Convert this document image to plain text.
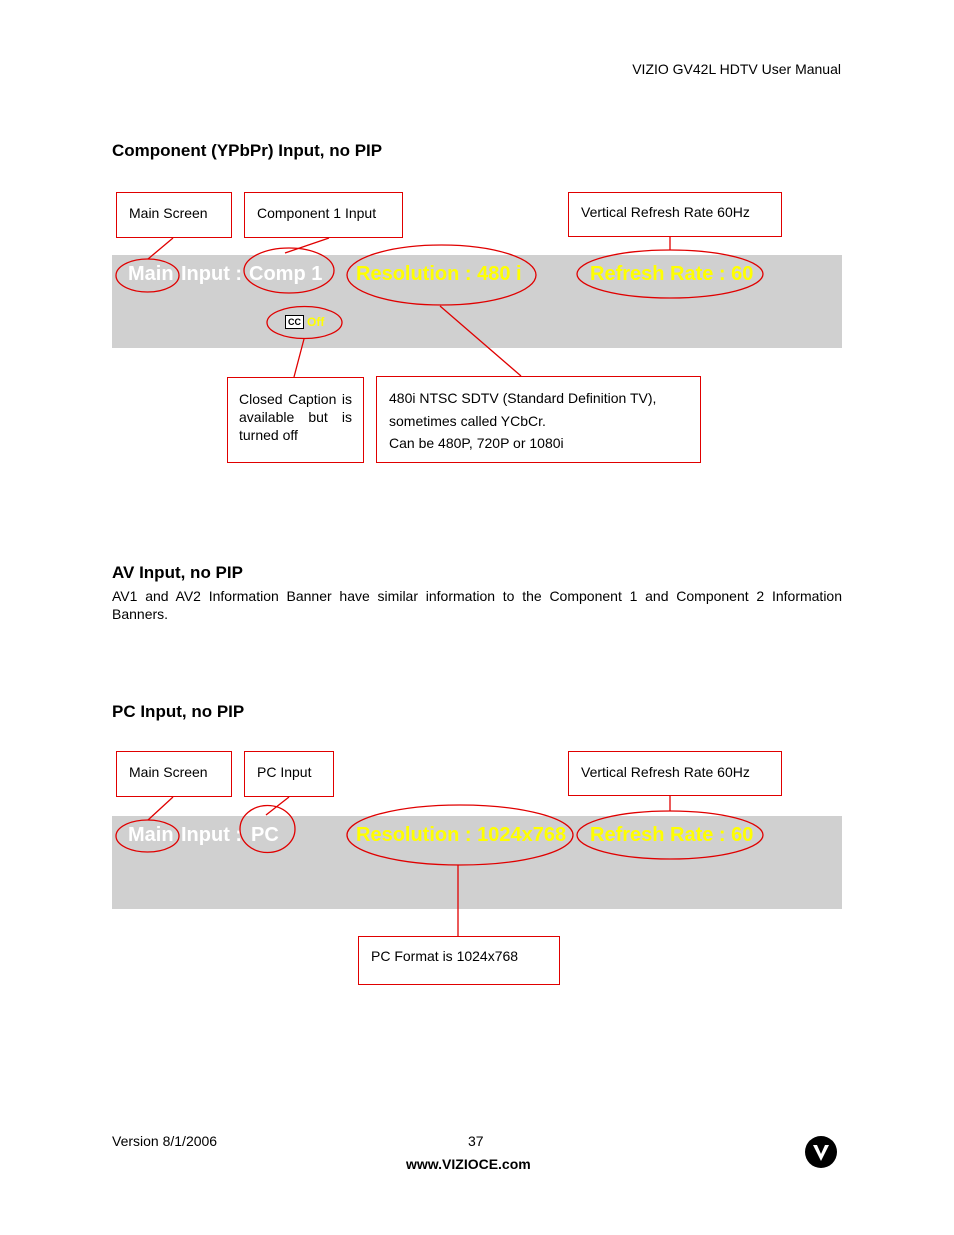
VIZIO GV42L HDTV User Manual
Component (YPbPr) Input, no PIP
Main Input : Comp 1 Resolution : 480 i	Refresh Rate : 60
CC Off
Main Screen	Component 1 Input	Vertical Refresh Rate 60Hz
Closed Caption is available but is turned off
480i NTSC SDTV (Standard Definition TV),
sometimes called YCbCr.
Can be 480P, 720P or 1080i
AV Input, no PIP
AV1 and AV2 Information Banner have similar information to the Component 1 and Component 2 Information Banners.
PC Input, no PIP
Main Input : PC	Resolution : 1024x768 Refresh Rate : 60
Main Screen	PC Input	Vertical Refresh Rate 60Hz
PC Format is 1024x768
Version 8/1/2006	37
www.VIZIOCE.com
